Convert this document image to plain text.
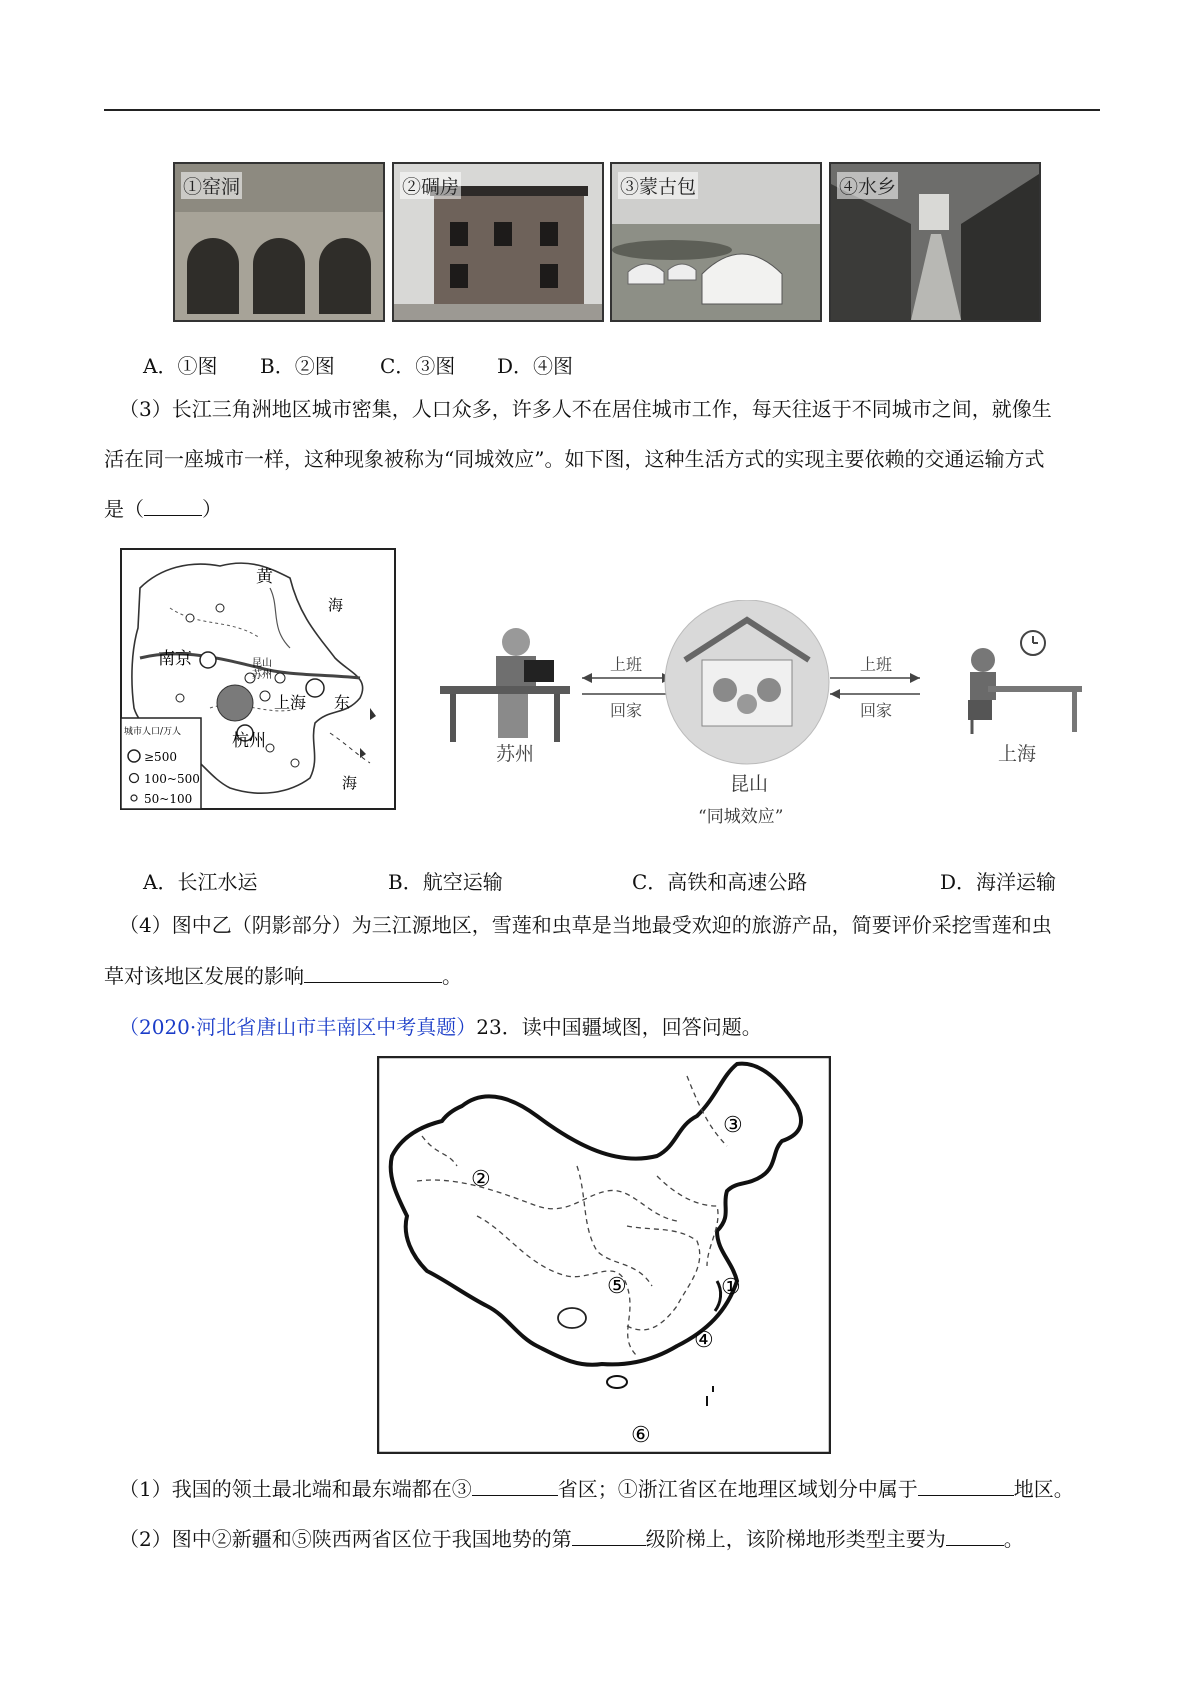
①窑洞	②碉房	③蒙古包	④水乡
A．①图 B．②图 C．③图 D．④图
（3）长江三角洲地区城市密集，人口众多，许多人不在居住城市工作，每天往返于不同城市之间，就像生
活在同一座城市一样，这种现象被称为“同城效应”。如下图，这种生活方式的实现主要依赖的交通运输方式
是（	）
黄
海
南京	昆山
苏州
上海 东
杭州
海
城市人口/万人
≥500
100~500
50~100
苏州
上班
回家
昆山
“同城效应”
上班
回家
上海
A．长江水运	B．航空运输	C．高铁和高速公路	D．海洋运输
（4）图中乙（阴影部分）为三江源地区，雪莲和虫草是当地最受欢迎的旅游产品，简要评价采挖雪莲和虫
草对该地区发展的影响	。
（2020·河北省唐山市丰南区中考真题）23．读中国疆域图，回答问题。
③
②
⑤	①
④
⑥
（1）我国的领土最北端和最东端都在③	省区；①浙江省区在地理区域划分中属于	地区。
（2）图中②新疆和⑤陕西两省区位于我国地势的第	级阶梯上，该阶梯地形类型主要为	。
